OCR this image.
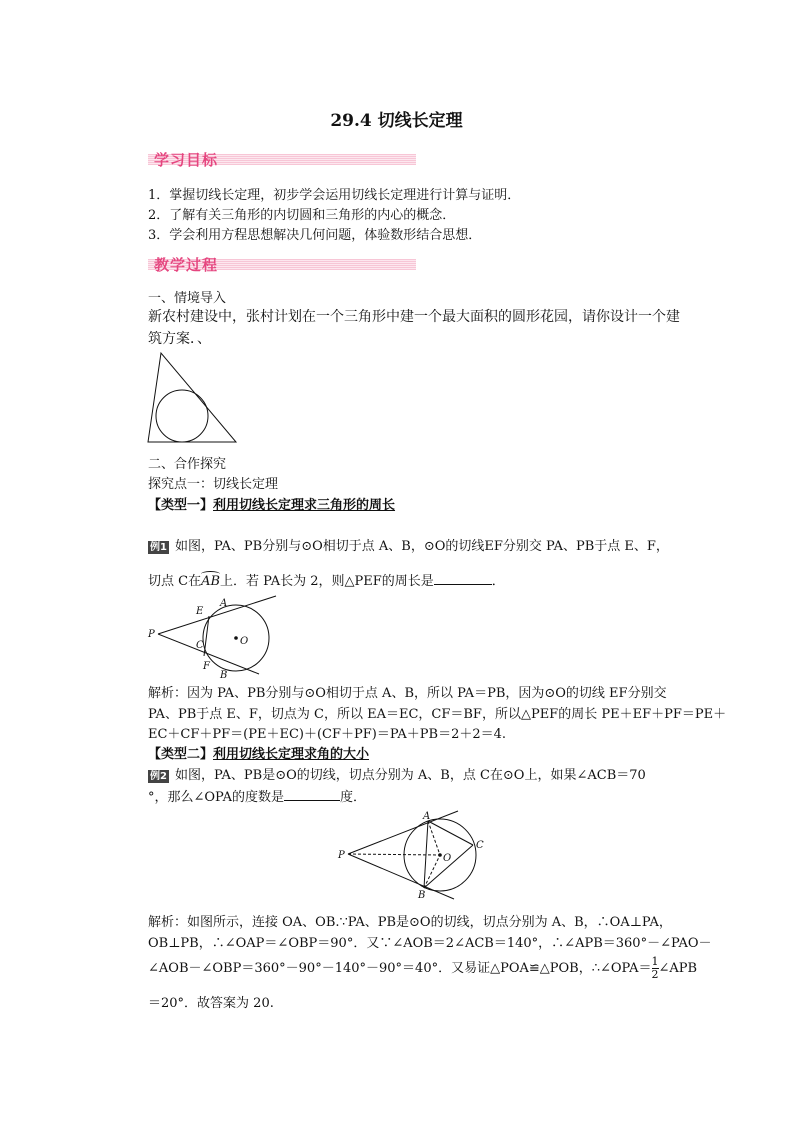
29.4 切线长定理
学习目标
1．掌握切线长定理，初步学会运用切线长定理进行计算与证明．
2．了解有关三角形的内切圆和三角形的内心的概念．
3．学会利用方程思想解决几何问题，体验数形结合思想．
教学过程
一、情境导入
新农村建设中，张村计划在一个三角形中建一个最大面积的圆形花园，请你设计一个建
筑方案．、
二、合作探究
探究点一：切线长定理
【类型一】利用切线长定理求三角形的周长
例1 如图，PA、PB分别与⊙O相切于点 A、B，⊙O的切线EF分别交 PA、PB于点 E、F，
切点 C在
AB上．若 PA长为 2，则△PEF的周长是	．
P
E
A
C	O
F
B
解析：因为 PA、PB分别与⊙O相切于点 A、B，所以 PA＝PB，因为⊙O的切线 EF分别交
PA、PB于点 E、F，切点为 C，所以 EA＝EC，CF＝BF，所以△PEF的周长 PE＋EF＋PF＝PE＋
EC＋CF＋PF＝(PE＋EC)＋(CF＋PF)＝PA＋PB＝2＋2＝4.
【类型二】利用切线长定理求角的大小
例2 如图，PA、PB是⊙O的切线，切点分别为 A、B，点 C在⊙O上，如果∠ACB＝70
°，那么∠OPA的度数是	度．
P
A
C
O
B
解析：如图所示，连接 OA、OB.∵PA、PB是⊙O的切线，切点分别为 A、B，∴OA⊥PA，
OB⊥PB，∴∠OAP＝∠OBP＝90°．又∵∠AOB＝2∠ACB＝140°，∴∠APB＝360°－∠PAO－
∠AOB－∠OBP＝360°－90°－140°－90°＝40°．又易证△POA≌△POB，∴∠OPA＝ $\frac{1}{2}$ ∠APB
＝20°．故答案为 20.
